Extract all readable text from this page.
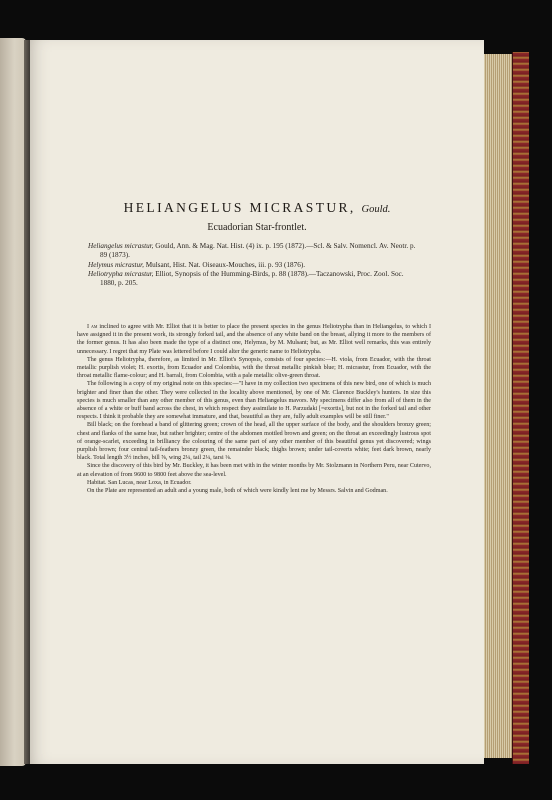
HELIANGELUS MICRASTUR, Gould.
Ecuadorian Star-frontlet.

Heliangelus micrastur, Gould, Ann. & Mag. Nat. Hist. (4) ix. p. 195 (1872).—Scl. & Salv. Nomencl. Av. Neotr. p. 89 (1873).

Helymus micrastur, Mulsant, Hist. Nat. Oiseaux-Mouches, iii. p. 93 (1876).

Heliotrypha micrastur, Elliot, Synopsis of the Humming-Birds, p. 88 (1878).—Taczanowski, Proc. Zool. Soc. 1880, p. 205.

I am inclined to agree with Mr. Elliot that it is better to place the present species in the genus Heliotrypha than in Heliangelus, to which I have assigned it in the present work, its strongly forked tail, and the absence of any white band on the breast, allying it more to the members of the former genus. It has also been made the type of a distinct one, Helymus, by M. Mulsant; but, as Mr. Elliot well remarks, this was entirely unnecessary. I regret that my Plate was lettered before I could alter the generic name to Heliotrypha.

The genus Heliotrypha, therefore, as limited in Mr. Elliot's Synopsis, consists of four species:—H. viola, from Ecuador, with the throat metallic purplish violet; H. exortis, from Ecuador and Colombia, with the throat metallic pinkish blue; H. micrastur, from Ecuador, with the throat metallic flame-colour; and H. barrali, from Colombia, with a pale metallic olive-green throat.

The following is a copy of my original note on this species:—"I have in my collection two specimens of this new bird, one of which is much brighter and finer than the other. They were collected in the locality above mentioned, by one of Mr. Clarence Buckley's hunters. In size this species is much smaller than any other member of this genus, even than Heliangelus mavors. My specimens differ also from all of them in the absence of a white or buff band across the chest, in which respect they assimilate to H. Parzudaki [=exortis], but not in the forked tail and other respects. I think it probable they are somewhat immature, and that, beautiful as they are, fully adult examples will be still finer."

Bill black; on the forehead a band of glittering green; crown of the head, all the upper surface of the body, and the shoulders bronzy green; chest and flanks of the same hue, but rather brighter; centre of the abdomen mottled brown and green; on the throat an exceedingly lustrous spot of orange-scarlet, exceeding in brilliancy the colouring of the same part of any other member of this beautiful genus yet discovered; wings purplish brown; four central tail-feathers bronzy green, the remainder black; thighs brown; under tail-coverts white; feet dark brown, nearly black. Total length 3½ inches, bill ⅝, wing 2¼, tail 2¼, tarsi ⅛.

Since the discovery of this bird by Mr. Buckley, it has been met with in the winter months by Mr. Stolzmann in Northern Peru, near Cutervo, at an elevation of from 9600 to 9800 feet above the sea-level.

Habitat. San Lucas, near Loxa, in Ecuador.

On the Plate are represented an adult and a young male, both of which were kindly lent me by Messrs. Salvin and Godman.
